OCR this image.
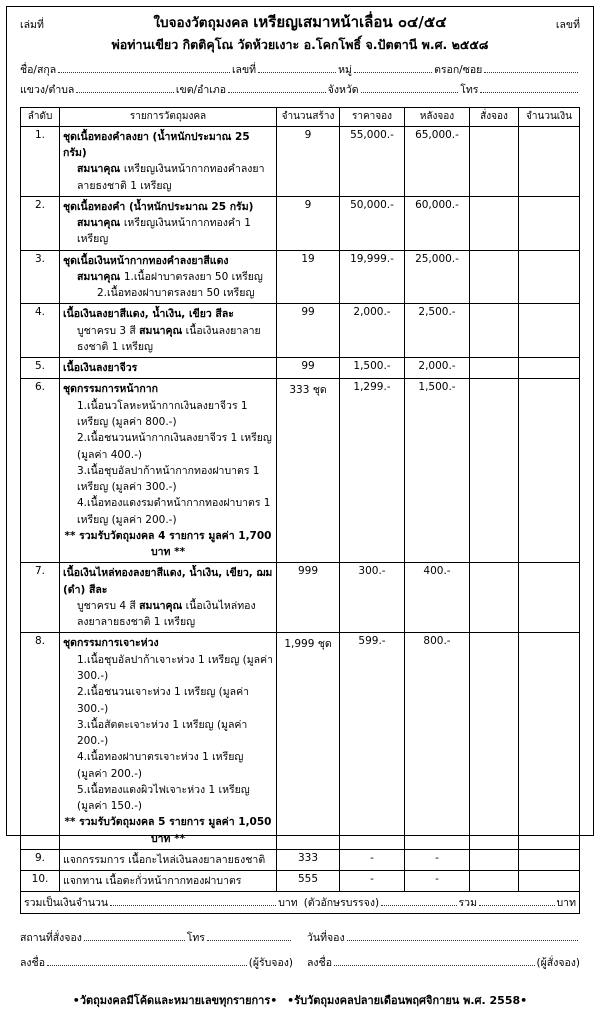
เล่มที่	ใบจองวัตถุมงคล เหรียญเสมาหน้าเลื่อน ๐๔/๕๔
พ่อท่านเขียว กิตติคุโณ วัดห้วยเงาะ อ.โคกโพธิ์ จ.ปัตตานี พ.ศ. ๒๕๕๘
เลขที่
ชื่อ/สกุล	เลขที่	หมู่	ตรอก/ซอย
แขวง/ตำบล	เขต/อำเภอ	จังหวัด	โทร
ลำดับ	รายการวัตถุมงคล	จำนวนสร้าง	ราคาจอง	หลังจอง	สั่งจอง	จำนวนเงิน
1.	ชุดเนื้อทองคำลงยา (น้ำหนักประมาณ 25 กรัม)
สมนาคุณ เหรียญเงินหน้ากากทองคำลงยาลายธงชาติ 1 เหรียญ	9	55,000.-	65,000.-		
2.	ชุดเนื้อทองคำ (น้ำหนักประมาณ 25 กรัม)
สมนาคุณ เหรียญเงินหน้ากากทองคำ 1 เหรียญ	9	50,000.-	60,000.-		
3.	ชุดเนื้อเงินหน้ากากทองคำลงยาสีแดง
สมนาคุณ 1.เนื้อฝาบาตรลงยา 50 เหรียญ
2.เนื้อทองฝาบาตรลงยา 50 เหรียญ	19	19,999.-	25,000.-		
4.	เนื้อเงินลงยาสีแดง, น้ำเงิน, เขียว สีละ
บูชาครบ 3 สี สมนาคุณ เนื้อเงินลงยาลายธงชาติ 1 เหรียญ	99	2,000.-	2,500.-		
5.	เนื้อเงินลงยาจีวร	99	1,500.-	2,000.-		
6.	ชุดกรรมการหน้ากาก
1.เนื้อนวโลหะหน้ากากเงินลงยาจีวร 1 เหรียญ (มูลค่า 800.-)
2.เนื้อชนวนหน้ากากเงินลงยาจีวร 1 เหรียญ (มูลค่า 400.-)
3.เนื้อชุบอัลปาก้าหน้ากากทองฝาบาตร 1 เหรียญ (มูลค่า 300.-)
4.เนื้อทองแดงรมดำหน้ากากทองฝาบาตร 1 เหรียญ (มูลค่า 200.-)
** รวมรับวัตถุมงคล 4 รายการ มูลค่า 1,700 บาท **
	333 ชุด	1,299.-	1,500.-		
7.	เนื้อเงินไหล่ทองลงยาสีแดง, น้ำเงิน, เขียว, ฌม (ดำ) สีละ
บูชาครบ 4 สี สมนาคุณ เนื้อเงินไหล่ทองลงยาลายธงชาติ 1 เหรียญ	999	300.-	400.-		
8.	ชุดกรรมการเจาะห่วง
1.เนื้อชุบอัลปาก้าเจาะห่วง 1 เหรียญ (มูลค่า 300.-)
2.เนื้อชนวนเจาะห่วง 1 เหรียญ (มูลค่า 300.-)
3.เนื้อสัตตะเจาะห่วง 1 เหรียญ (มูลค่า 200.-)
4.เนื้อทองฝาบาตรเจาะห่วง 1 เหรียญ (มูลค่า 200.-)
5.เนื้อทองแดงผิวไฟเจาะห่วง 1 เหรียญ (มูลค่า 150.-)
** รวมรับวัตถุมงคล 5 รายการ มูลค่า 1,050 บาท **
	1,999 ชุด	599.-	800.-		
9.	แจกกรรมการ เนื้อกะไหล่เงินลงยาลายธงชาติ	333	-	-		
10.	แจกทาน เนื้อตะกั่วหน้ากากทองฝาบาตร	555	-	-		

รวมเป็นเงินจำนวน บาท (ตัวอักษรบรรจง) รวม บาท						
สถานที่สั่งจอง	โทร	วันที่จอง
ลงชื่อ	(ผู้รับจอง) ลงชื่อ	(ผู้สั่งจอง)
•วัตถุมงคลมีโค้ดและหมายเลขทุกรายการ• •รับวัตถุมงคลปลายเดือนพฤศจิกายน พ.ศ. 2558•
